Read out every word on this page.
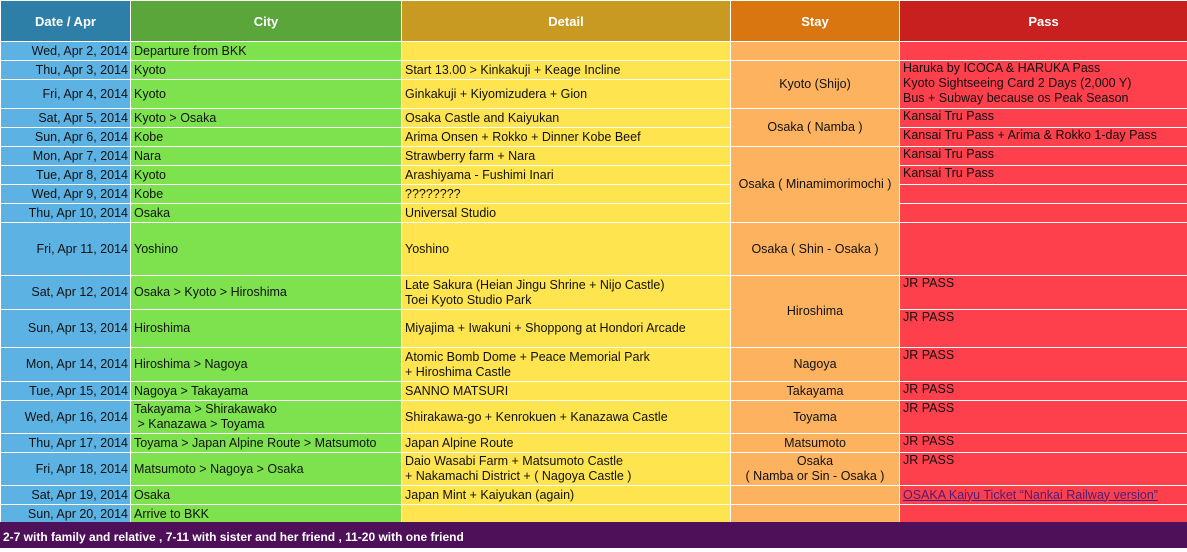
Date / Apr	City	Detail	Stay	Pass
Wed, Apr 2, 2014	Departure from BKK			
Thu, Apr 3, 2014	Kyoto	Start 13.00 > Kinkakuji + Keage Incline	Kyoto (Shijo)	Haruka by ICOCA & HARUKA Pass
Kyoto Sightseeing Card 2 Days (2,000 Y)
Bus + Subway because os Peak Season

Fri, Apr 4, 2014	Kyoto	Ginkakuji + Kiyomizudera + Gion		
Sat, Apr 5, 2014	Kyoto > Osaka	Osaka Castle and Kaiyukan	Osaka ( Namba )	Kansai Tru Pass
Sun, Apr 6, 2014	Kobe	Arima Onsen + Rokko + Dinner Kobe Beef		Kansai Tru Pass + Arima & Rokko 1-day Pass
Mon, Apr 7, 2014	Nara	Strawberry farm + Nara	Osaka ( Minamimorimochi )	Kansai Tru Pass
Tue, Apr 8, 2014	Kyoto	Arashiyama - Fushimi Inari		Kansai Tru Pass
Wed, Apr 9, 2014	Kobe	????????		
Thu, Apr 10, 2014	Osaka	Universal Studio		
Fri, Apr 11, 2014	Yoshino	Yoshino	Osaka ( Shin - Osaka )	
Sat, Apr 12, 2014	Osaka > Kyoto > Hiroshima	Late Sakura (Heian Jingu Shrine + Nijo Castle)
Toei Kyoto Studio Park	Hiroshima	JR PASS
Sun, Apr 13, 2014	Hiroshima	Miyajima + Iwakuni + Shoppong at Hondori Arcade		JR PASS
Mon, Apr 14, 2014	Hiroshima > Nagoya	Atomic Bomb Dome + Peace Memorial Park
+ Hiroshima Castle	Nagoya	JR PASS
Tue, Apr 15, 2014	Nagoya > Takayama	SANNO MATSURI	Takayama	JR PASS
Wed, Apr 16, 2014	Takayama > Shirakawako
> Kanazawa > Toyama	Shirakawa-go + Kenrokuen + Kanazawa Castle	Toyama	JR PASS
Thu, Apr 17, 2014	Toyama > Japan Alpine Route > Matsumoto	Japan Alpine Route	Matsumoto	JR PASS
Fri, Apr 18, 2014	Matsumoto > Nagoya > Osaka	Daio Wasabi Farm + Matsumoto Castle
+ Nakamachi District + ( Nagoya Castle )	Osaka
( Namba or Sin - Osaka )	JR PASS
Sat, Apr 19, 2014	Osaka	Japan Mint + Kaiyukan (again)		OSAKA Kaiyu Ticket “Nankai Railway version”
Sun, Apr 20, 2014	Arrive to BKK			
2-7 with family and relative , 7-11 with sister and her friend , 11-20 with one friend
